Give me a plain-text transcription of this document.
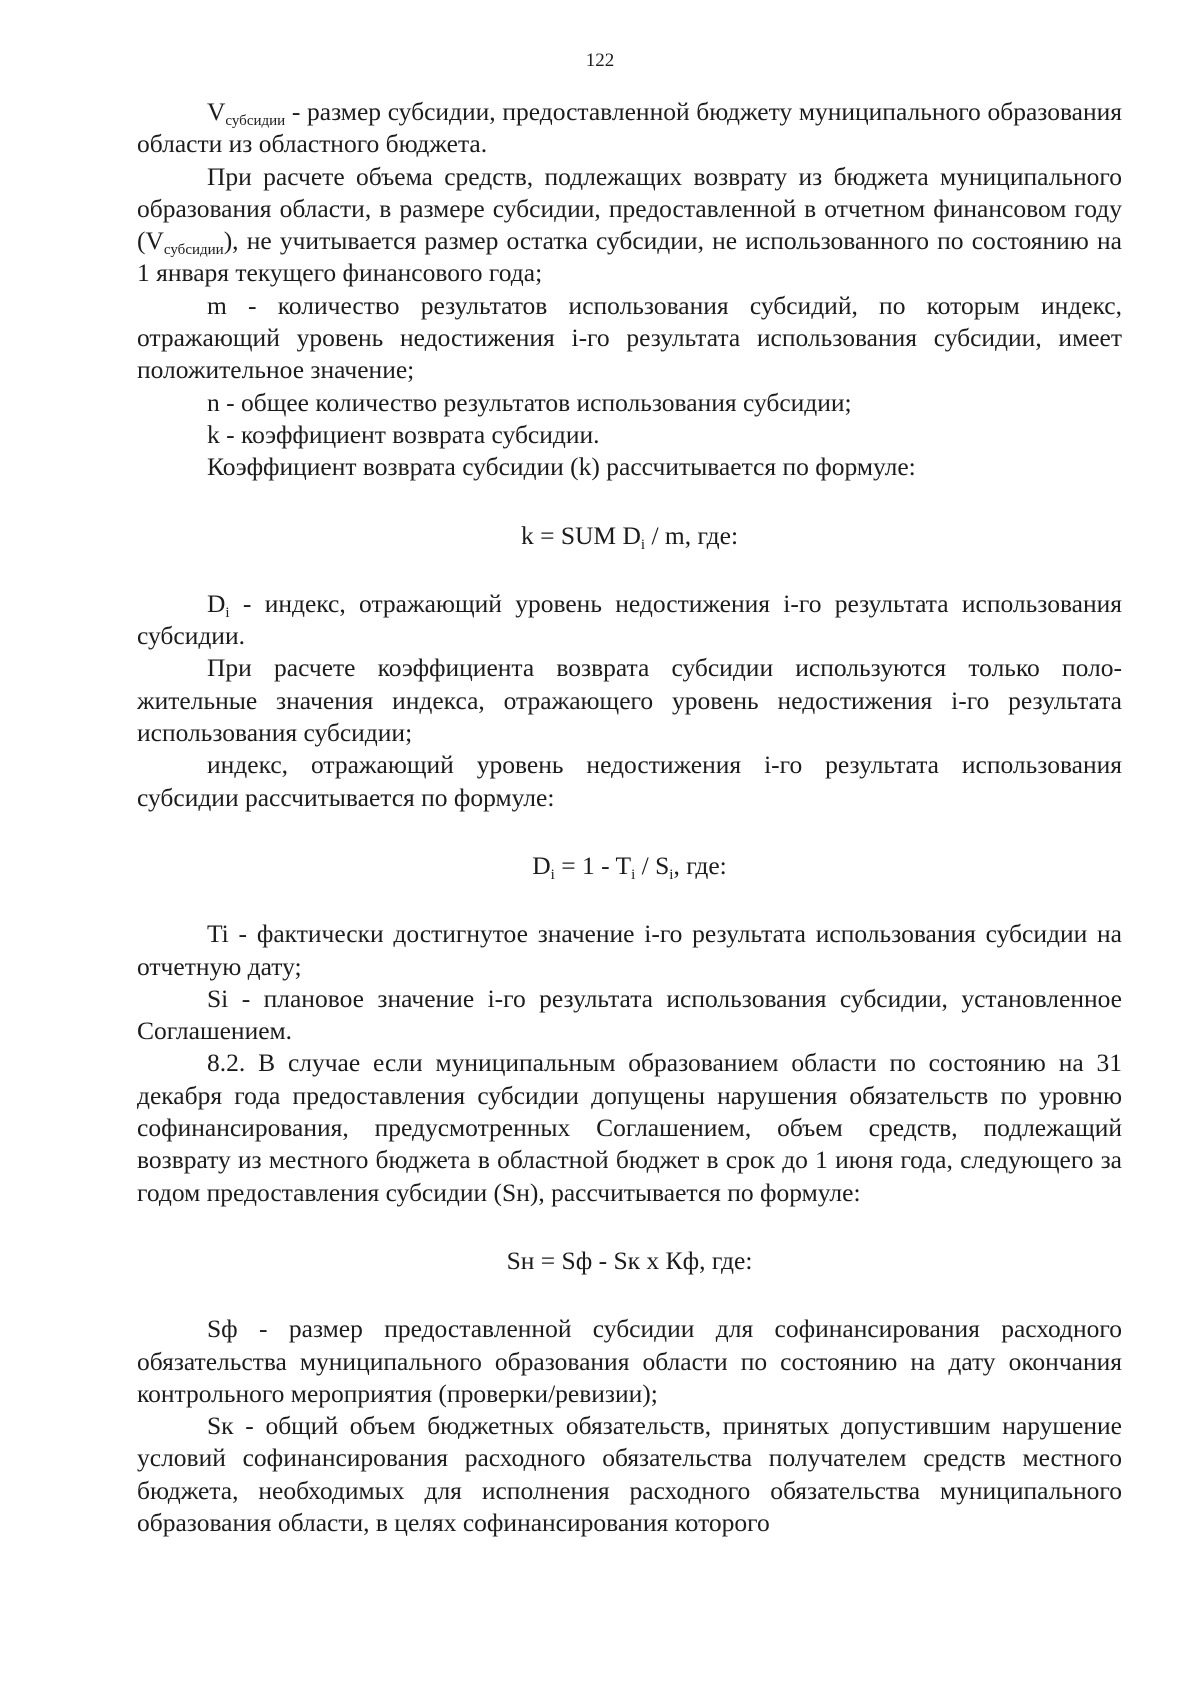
122

$V_{субсидии}$ - размер субсидии, предоставленной бюджету муниципального образования области из областного бюджета.

При расчете объема средств, подлежащих возврату из бюджета муниципального образования области, в размере субсидии, предоставленной в отчетном финансовом году $(V_{субсидии})$, не учитывается размер остатка субсидии, не использованного по состоянию на 1 января текущего финансового года;

m - количество результатов использования субсидий, по которым индекс, отражающий уровень недостижения i-го результата использования субсидии, имеет положительное значение;

n - общее количество результатов использования субсидии;

k - коэффициент возврата субсидии.

Коэффициент возврата субсидии (k) рассчитывается по формуле:

k = SUM $D_i$ / m, где:

$D_i$ - индекс, отражающий уровень недостижения i-го результата использования субсидии.

При расчете коэффициента возврата субсидии используются только положительные значения индекса, отражающего уровень недостижения i-го результата использования субсидии;

индекс, отражающий уровень недостижения i-го результата использования субсидии рассчитывается по формуле:

$D_i = 1 - T_i / S_i$, где:

Ti - фактически достигнутое значение i-го результата использования субсидии на отчетную дату;

Si - плановое значение i-го результата использования субсидии, установленное Соглашением.

8.2. В случае если муниципальным образованием области по состоянию на 31 декабря года предоставления субсидии допущены нарушения обязательств по уровню софинансирования, предусмотренных Соглашением, объем средств, подлежащий возврату из местного бюджета в областной бюджет в срок до 1 июня года, следующего за годом предоставления субсидии (Sн), рассчитывается по формуле:

Sн = Sф - Sк х Кф, где:

Sф - размер предоставленной субсидии для софинансирования расходного обязательства муниципального образования области по состоянию на дату окончания контрольного мероприятия (проверки/ревизии);

Sк - общий объем бюджетных обязательств, принятых допустившим нарушение условий софинансирования расходного обязательства получателем средств местного бюджета, необходимых для исполнения расходного обязательства муниципального образования области, в целях софинансирования которого
